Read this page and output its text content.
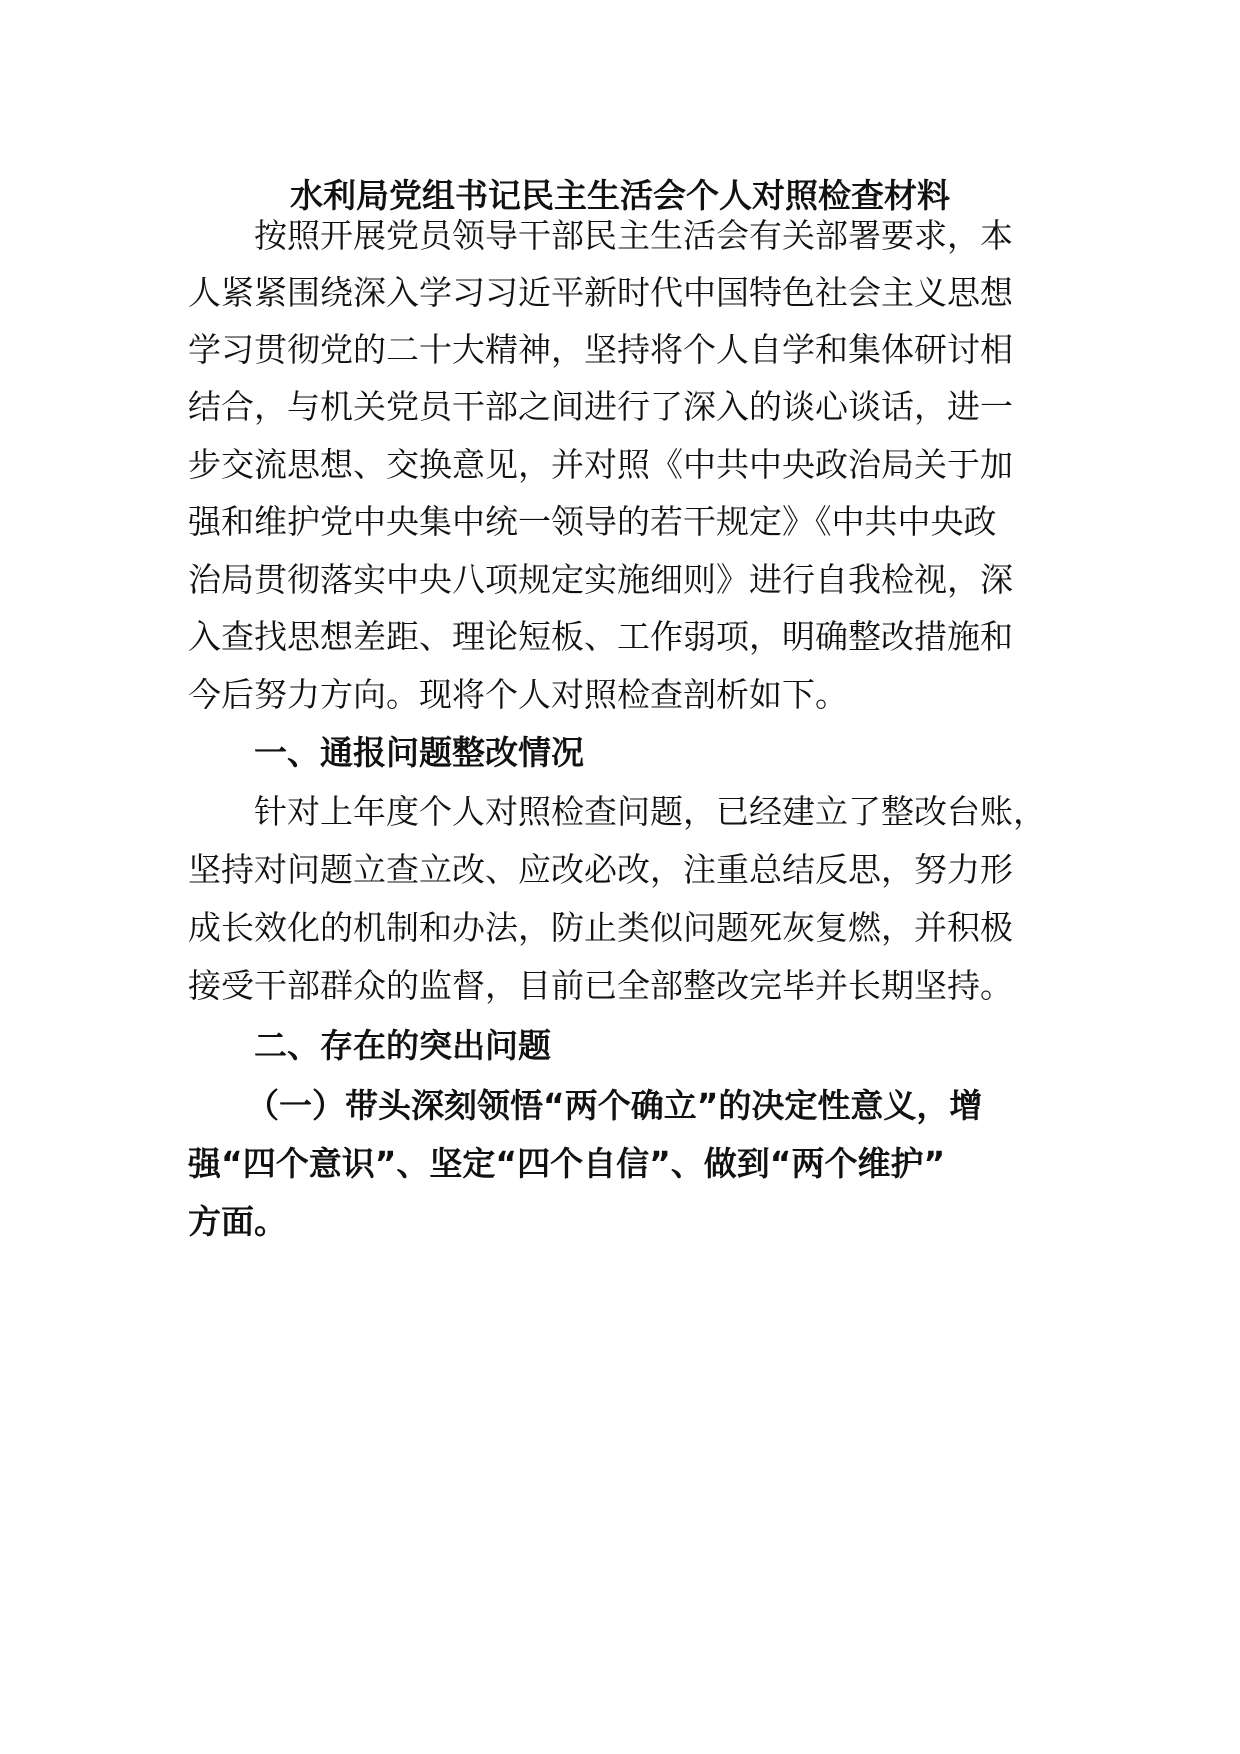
水利局党组书记民主生活会个人对照检查材料
按照开展党员领导干部民主生活会有关部署要求，本
人紧紧围绕深入学习习近平新时代中国特色社会主义思想
学习贯彻党的二十大精神，坚持将个人自学和集体研讨相
结合，与机关党员干部之间进行了深入的谈心谈话，进一
步交流思想、交换意见，并对照《中共中央政治局关于加
强和维护党中央集中统一领导的若干规定》《中共中央政
治局贯彻落实中央八项规定实施细则》进行自我检视，深
入查找思想差距、理论短板、工作弱项，明确整改措施和
今后努力方向。现将个人对照检查剖析如下。
一、通报问题整改情况
针对上年度个人对照检查问题，已经建立了整改台账，
坚持对问题立查立改、应改必改，注重总结反思，努力形
成长效化的机制和办法，防止类似问题死灰复燃，并积极
接受干部群众的监督，目前已全部整改完毕并长期坚持。
二、存在的突出问题
（一）带头深刻领悟“两个确立”的决定性意义，增
强“四个意识”、坚定“四个自信”、做到“两个维护”
方面。
